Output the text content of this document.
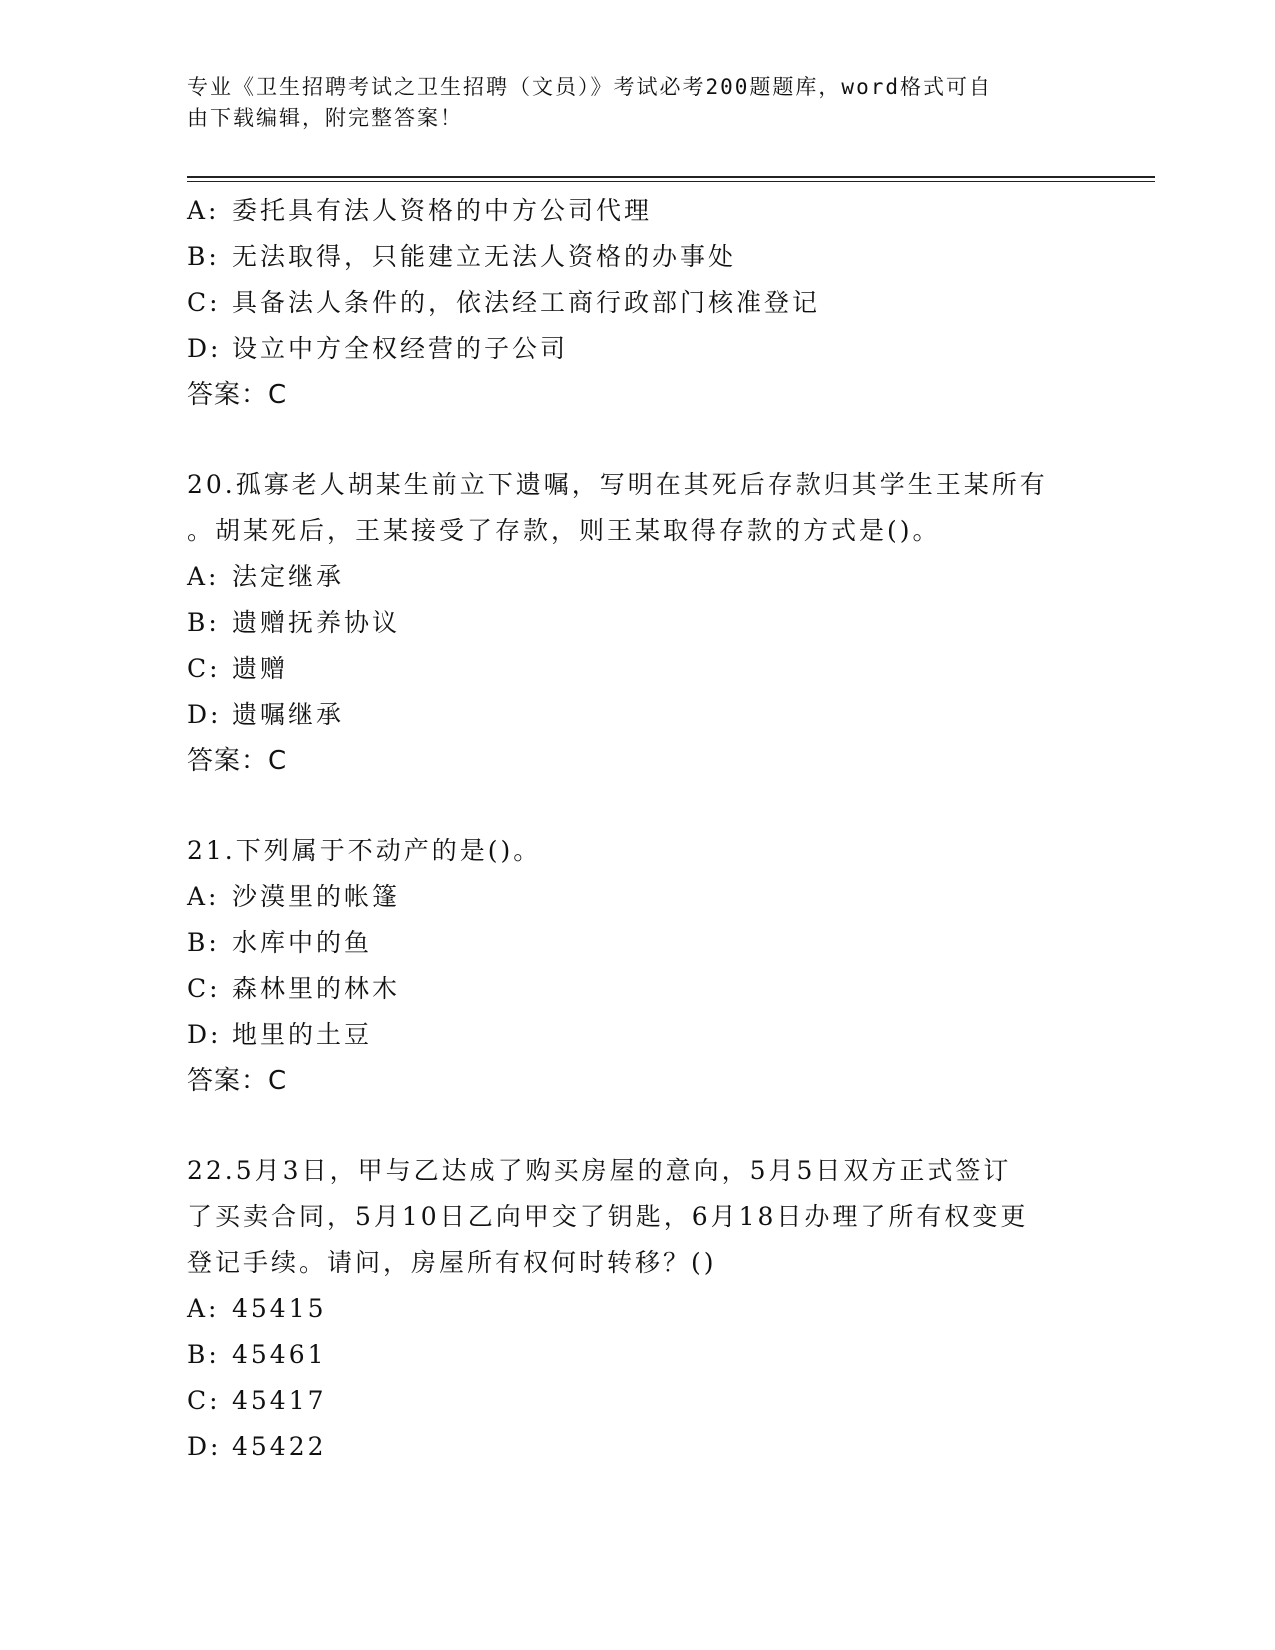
专业《卫生招聘考试之卫生招聘（文员）》考试必考200题题库，word格式可自
由下载编辑，附完整答案！
A: 委托具有法人资格的中方公司代理
B: 无法取得，只能建立无法人资格的办事处
C: 具备法人条件的，依法经工商行政部门核准登记
D: 设立中方全权经营的子公司
答案：C
20.孤寡老人胡某生前立下遗嘱，写明在其死后存款归其学生王某所有
。胡某死后，王某接受了存款，则王某取得存款的方式是()。
A: 法定继承
B: 遗赠抚养协议
C: 遗赠
D: 遗嘱继承
答案：C
21.下列属于不动产的是()。
A: 沙漠里的帐篷
B: 水库中的鱼
C: 森林里的林木
D: 地里的土豆
答案：C
22.5月3日，甲与乙达成了购买房屋的意向，5月5日双方正式签订
了买卖合同，5月10日乙向甲交了钥匙，6月18日办理了所有权变更
登记手续。请问，房屋所有权何时转移？()
A: 45415
B: 45461
C: 45417
D: 45422
